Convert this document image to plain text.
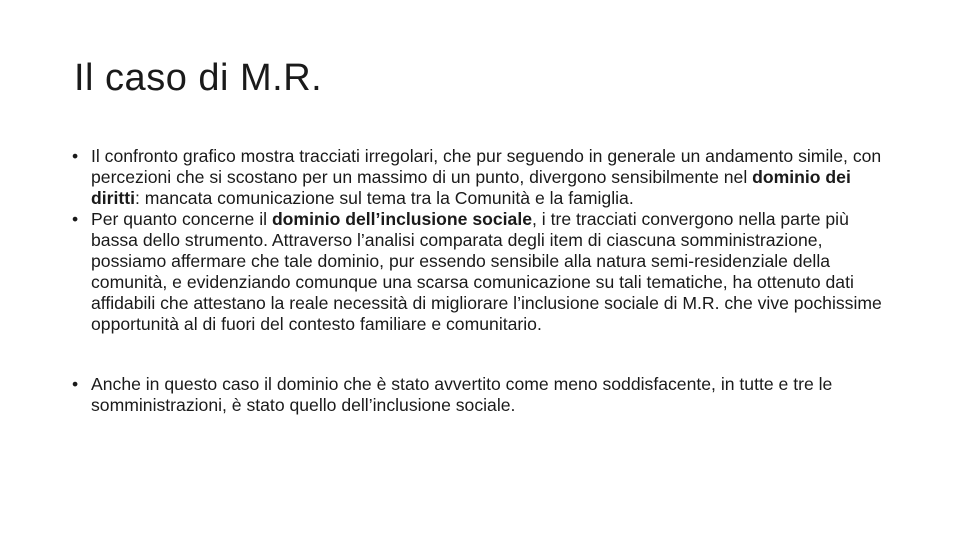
Il caso di M.R.
• Il confronto grafico mostra tracciati irregolari, che pur seguendo in generale un andamento simile, con percezioni che si scostano per un massimo di un punto, divergono sensibilmente nel dominio dei diritti: mancata comunicazione sul tema tra la Comunità e la famiglia.
• Per quanto concerne il dominio dell’inclusione sociale, i tre tracciati convergono nella parte più bassa dello strumento. Attraverso l’analisi comparata degli item di ciascuna somministrazione, possiamo affermare che tale dominio, pur essendo sensibile alla natura semi-residenziale della comunità, e evidenziando comunque una scarsa comunicazione su tali tematiche, ha ottenuto dati affidabili che attestano la reale necessità di migliorare l’inclusione sociale di M.R. che vive pochissime opportunità al di fuori del contesto familiare e comunitario.
• Anche in questo caso il dominio che è stato avvertito come meno soddisfacente, in tutte e tre le somministrazioni, è stato quello dell’inclusione sociale.
